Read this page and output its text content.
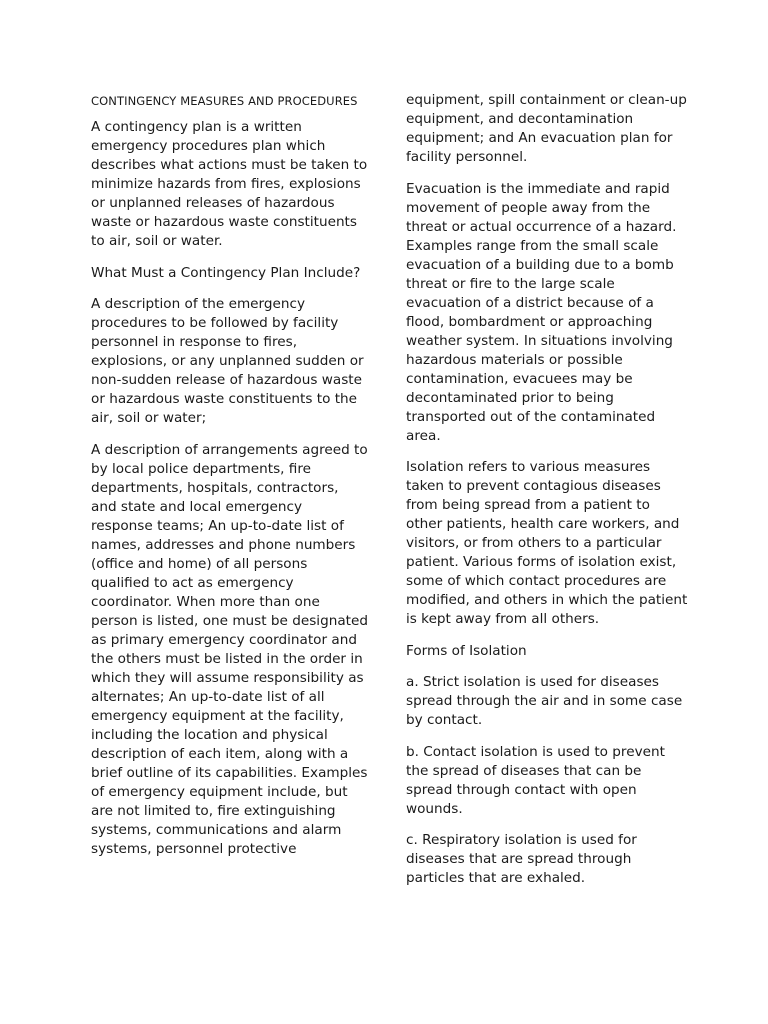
CONTINGENCY MEASURES AND PROCEDURES

A contingency plan is a written emergency procedures plan which describes what actions must be taken to minimize hazards from fires, explosions or unplanned releases of hazardous waste or hazardous waste constituents to air, soil or water.

What Must a Contingency Plan Include?

A description of the emergency procedures to be followed by facility personnel in response to fires, explosions, or any unplanned sudden or non-sudden release of hazardous waste or hazardous waste constituents to the air, soil or water;

A description of arrangements agreed to by local police departments, fire departments, hospitals, contractors, and state and local emergency response teams; An up-to-date list of names, addresses and phone numbers (office and home) of all persons qualified to act as emergency coordinator. When more than one person is listed, one must be designated as primary emergency coordinator and the others must be listed in the order in which they will assume responsibility as alternates; An up-to-date list of all emergency equipment at the facility, including the location and physical description of each item, along with a brief outline of its capabilities. Examples of emergency equipment include, but are not limited to, fire extinguishing systems, communications and alarm systems, personnel protective

equipment, spill containment or clean-up equipment, and decontamination equipment; and An evacuation plan for facility personnel.

Evacuation is the immediate and rapid movement of people away from the threat or actual occurrence of a hazard. Examples range from the small scale evacuation of a building due to a bomb threat or fire to the large scale evacuation of a district because of a flood, bombardment or approaching weather system. In situations involving hazardous materials or possible contamination, evacuees may be decontaminated prior to being transported out of the contaminated area.

Isolation refers to various measures taken to prevent contagious diseases from being spread from a patient to other patients, health care workers, and visitors, or from others to a particular patient. Various forms of isolation exist, some of which contact procedures are modified, and others in which the patient is kept away from all others.

Forms of Isolation

a. Strict isolation is used for diseases spread through the air and in some case by contact.

b. Contact isolation is used to prevent the spread of diseases that can be spread through contact with open wounds.

c. Respiratory isolation is used for diseases that are spread through particles that are exhaled.
